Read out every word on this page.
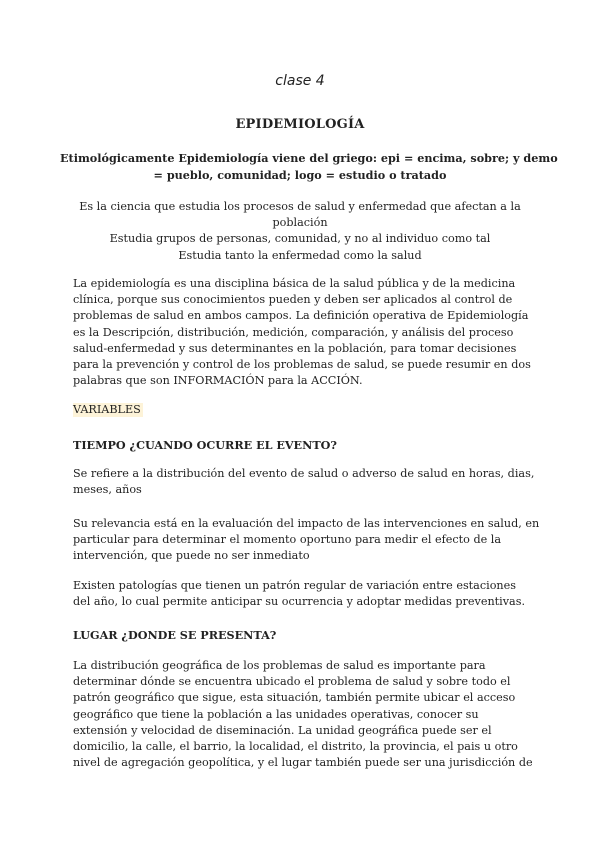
clase 4
EPIDEMIOLOGÍA
Etimológicamente Epidemiología viene del griego: epi = encima, sobre; y demo
= pueblo, comunidad; logo = estudio o tratado

Es la ciencia que estudia los procesos de salud y enfermedad que afectan a la

población

Estudia grupos de personas, comunidad, y no al individuo como tal

Estudia tanto la enfermedad como la salud

La epidemiología es una disciplina básica de la salud pública y de la medicina
clínica, porque sus conocimientos pueden y deben ser aplicados al control de
problemas de salud en ambos campos. La definición operativa de Epidemiología
es la Descripción, distribución, medición, comparación, y análisis del proceso
salud-enfermedad y sus determinantes en la población, para tomar decisiones
para la prevención y control de los problemas de salud, se puede resumir en dos
palabras que son INFORMACIÓN para la ACCIÓN.
VARIABLES
TIEMPO ¿CUANDO OCURRE EL EVENTO?
Se refiere a la distribución del evento de salud o adverso de salud en horas, dias,
meses, años
Su relevancia está en la evaluación del impacto de las intervenciones en salud, en
particular para determinar el momento oportuno para medir el efecto de la
intervención, que puede no ser inmediato
Existen patologías que tienen un patrón regular de variación entre estaciones
del año, lo cual permite anticipar su ocurrencia y adoptar medidas preventivas.
LUGAR ¿DONDE SE PRESENTA?
La distribución geográfica de los problemas de salud es importante para
determinar dónde se encuentra ubicado el problema de salud y sobre todo el
patrón geográfico que sigue, esta situación, también permite ubicar el acceso
geográfico que tiene la población a las unidades operativas, conocer su
extensión y velocidad de diseminación. La unidad geográfica puede ser el
domicilio, la calle, el barrio, la localidad, el distrito, la provincia, el pais u otro
nivel de agregación geopolítica, y el lugar también puede ser una jurisdicción de
